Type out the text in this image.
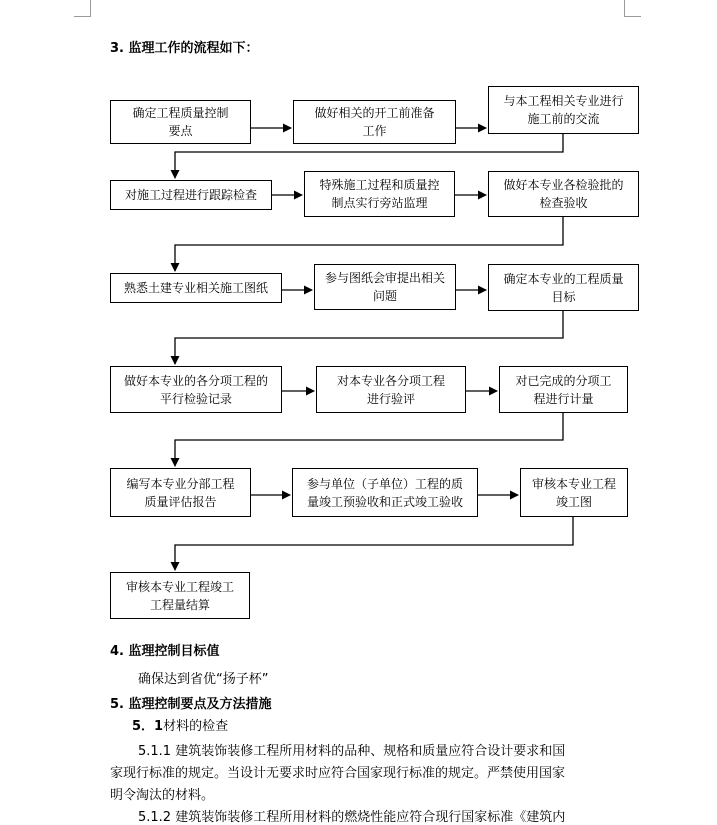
3. 监理工作的流程如下：
确定工程质量控制
要点
做好相关的开工前准备
工作
与本工程相关专业进行
施工前的交流
对施工过程进行跟踪检查
特殊施工过程和质量控
制点实行旁站监理
做好本专业各检验批的
检查验收
熟悉土建专业相关施工图纸
参与图纸会审提出相关
问题
确定本专业的工程质量
目标
做好本专业的各分项工程的
平行检验记录
对本专业各分项工程
进行验评
对已完成的分项工
程进行计量
编写本专业分部工程
质量评估报告
参与单位（子单位）工程的质
量竣工预验收和正式竣工验收
审核本专业工程
竣工图
审核本专业工程竣工
工程量结算
4. 监理控制目标值
确保达到省优“扬子杯”
5. 监理控制要点及方法措施
5．1材料的检查
5.1.1 建筑装饰装修工程所用材料的品种、规格和质量应符合设计要求和国
家现行标准的规定。当设计无要求时应符合国家现行标准的规定。严禁使用国家
明令淘汰的材料。
5.1.2 建筑装饰装修工程所用材料的燃烧性能应符合现行国家标准《建筑内
